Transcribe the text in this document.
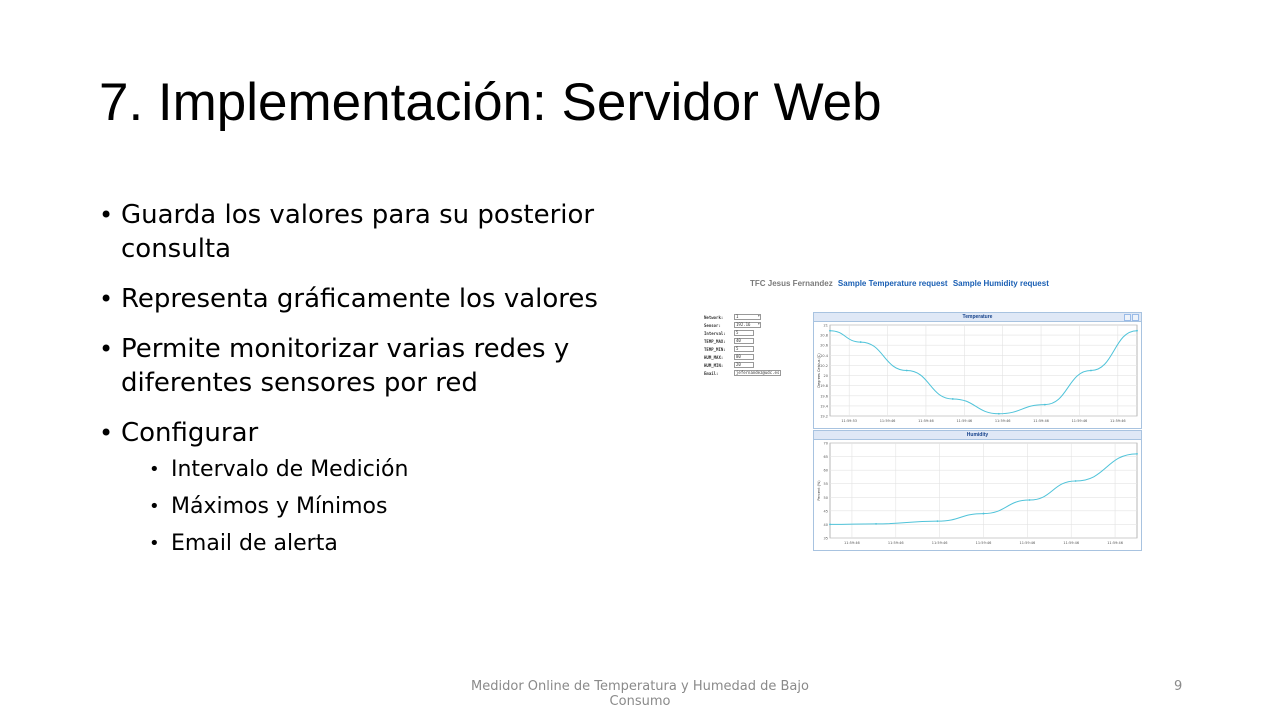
7. Implementación: Servidor Web
• Guarda los valores para su posterior consulta
• Representa gráficamente los valores
• Permite monitorizar varias redes y diferentes sensores por red
• Configurar
• Intervalo de Medición
• Máximos y Mínimos
• Email de alerta
TFC Jesus Fernandez Sample Temperature request Sample Humidity request
Network:	1 ▾
Sensor:	192.16 ▾
Interval:	5
TEMP_MAX:	40
TEMP_MIN:	5
HUM_MAX:	80
HUM_MIN:	20
Email:	jefernandez@udc.es
Temperature
19.2
19.4
19.6
19.8
20
20.2
20.4
20.6
20.8
21
11:59:53	11:59:46	11:59:46	11:59:46	11:59:46	11:59:46	11:59:46	11:59:46
Degrees Celsius (C)
Humidity
35
40
45
50
55
60
65
70
11:59:46	11:59:46	11:59:46	11:59:46	11:59:46	11:59:46	11:59:46
Percent (%)
Medidor Online de Temperatura y Humedad de Bajo Consumo
9
